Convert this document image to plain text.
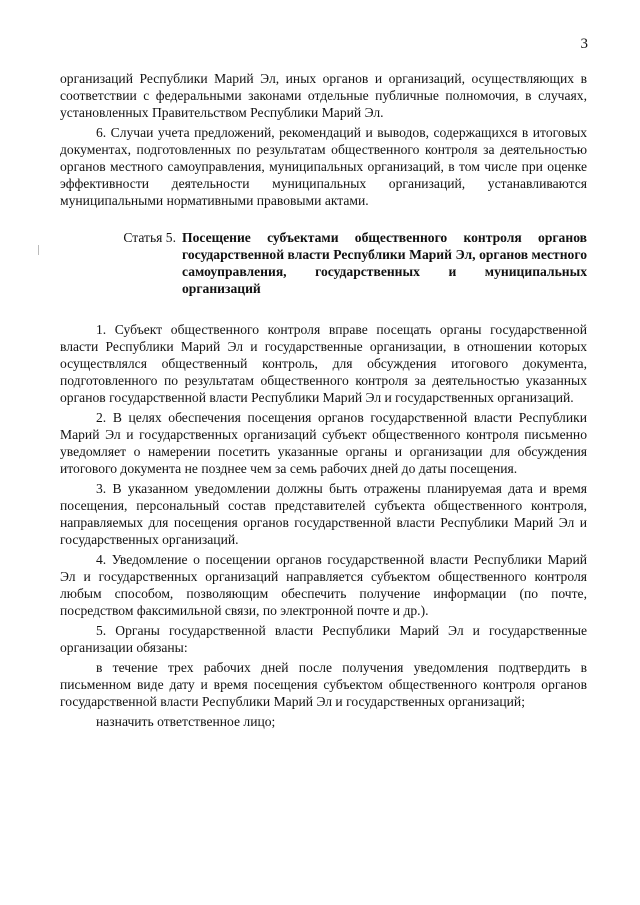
3

организаций Республики Марий Эл, иных органов и организаций, осуществляющих в соответствии с федеральными законами отдельные публичные полномочия, в случаях, установленных Правительством Республики Марий Эл.

6. Случаи учета предложений, рекомендаций и выводов, содержащихся в итоговых документах, подготовленных по результатам общественного контроля за деятельностью органов местного самоуправления, муниципальных организаций, в том числе при оценке эффективности деятельности муниципальных организаций, устанавливаются муниципальными нормативными правовыми актами.

Статья 5. Посещение субъектами общественного контроля органов государственной власти Республики Марий Эл, органов местного самоуправления, государственных и муниципальных организаций

1. Субъект общественного контроля вправе посещать органы государственной власти Республики Марий Эл и государственные организации, в отношении которых осуществлялся общественный контроль, для обсуждения итогового документа, подготовленного по результатам общественного контроля за деятельностью указанных органов государственной власти Республики Марий Эл и государственных организаций.

2. В целях обеспечения посещения органов государственной власти Республики Марий Эл и государственных организаций субъект общественного контроля письменно уведомляет о намерении посетить указанные органы и организации для обсуждения итогового документа не позднее чем за семь рабочих дней до даты посещения.

3. В указанном уведомлении должны быть отражены планируемая дата и время посещения, персональный состав представителей субъекта общественного контроля, направляемых для посещения органов государственной власти Республики Марий Эл и государственных организаций.

4. Уведомление о посещении органов государственной власти Республики Марий Эл и государственных организаций направляется субъектом общественного контроля любым способом, позволяющим обеспечить получение информации (по почте, посредством факсимильной связи, по электронной почте и др.).

5. Органы государственной власти Республики Марий Эл и государственные организации обязаны:

в течение трех рабочих дней после получения уведомления подтвердить в письменном виде дату и время посещения субъектом общественного контроля органов государственной власти Республики Марий Эл и государственных организаций;

назначить ответственное лицо;
